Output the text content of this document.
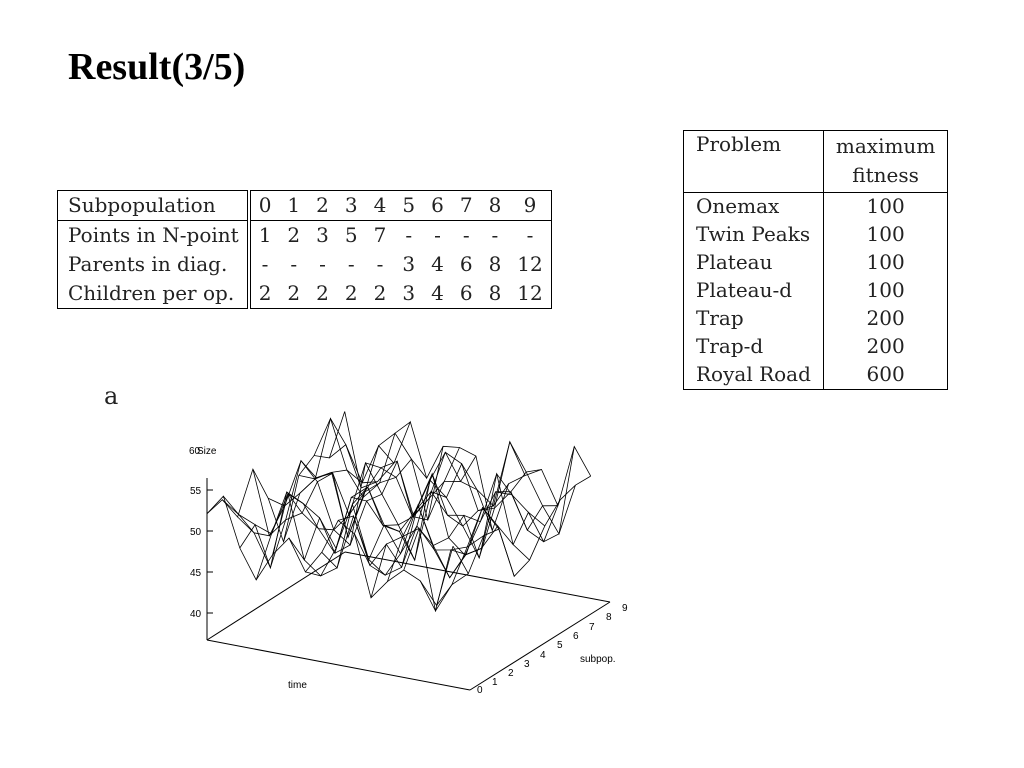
Result(3/5)
Subpopulation	0	1	2	3	4	5	6	7	8	9
Points in N-point	1	2	3	5	7	-	-	-	-	-
Parents in diag.	-	-	-	-	-	3	4	6	8	12
Children per op.	2	2	2	2	2	3	4	6	8	12
Problem	maximum
fitness

Onemax	100
Twin Peaks	100
Plateau	100
Plateau-d	100
Trap	200
Trap-d	200
Royal Road	600
a
55
50
45
40
60
Size
time
subpop.
0
1
2
3
4
5
6
7
8
9
